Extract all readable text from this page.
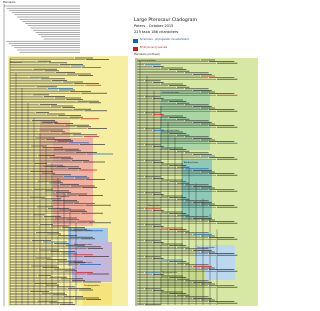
Pterosauria
Large Pterosaur Cladogram
Peters - October 2015
225 taxa 186 characters
Small taxa - phylogenetic miniaturization
Embryos and juveniles
Pterosauria (continued)
Anurognathidae
Pterosauria
Scaphognathidae
Rhamphorhynchidae
Dorygnathus
Campylognathoididae
Wukongopteridae
Germanodactylus
Scaphognathia
Cycnorhamphidae
Ornithocheiridae
Pteranodontidae
Azhdarchidae
Tapejaridae
Dsungaripteridae
Nyctosauridae
